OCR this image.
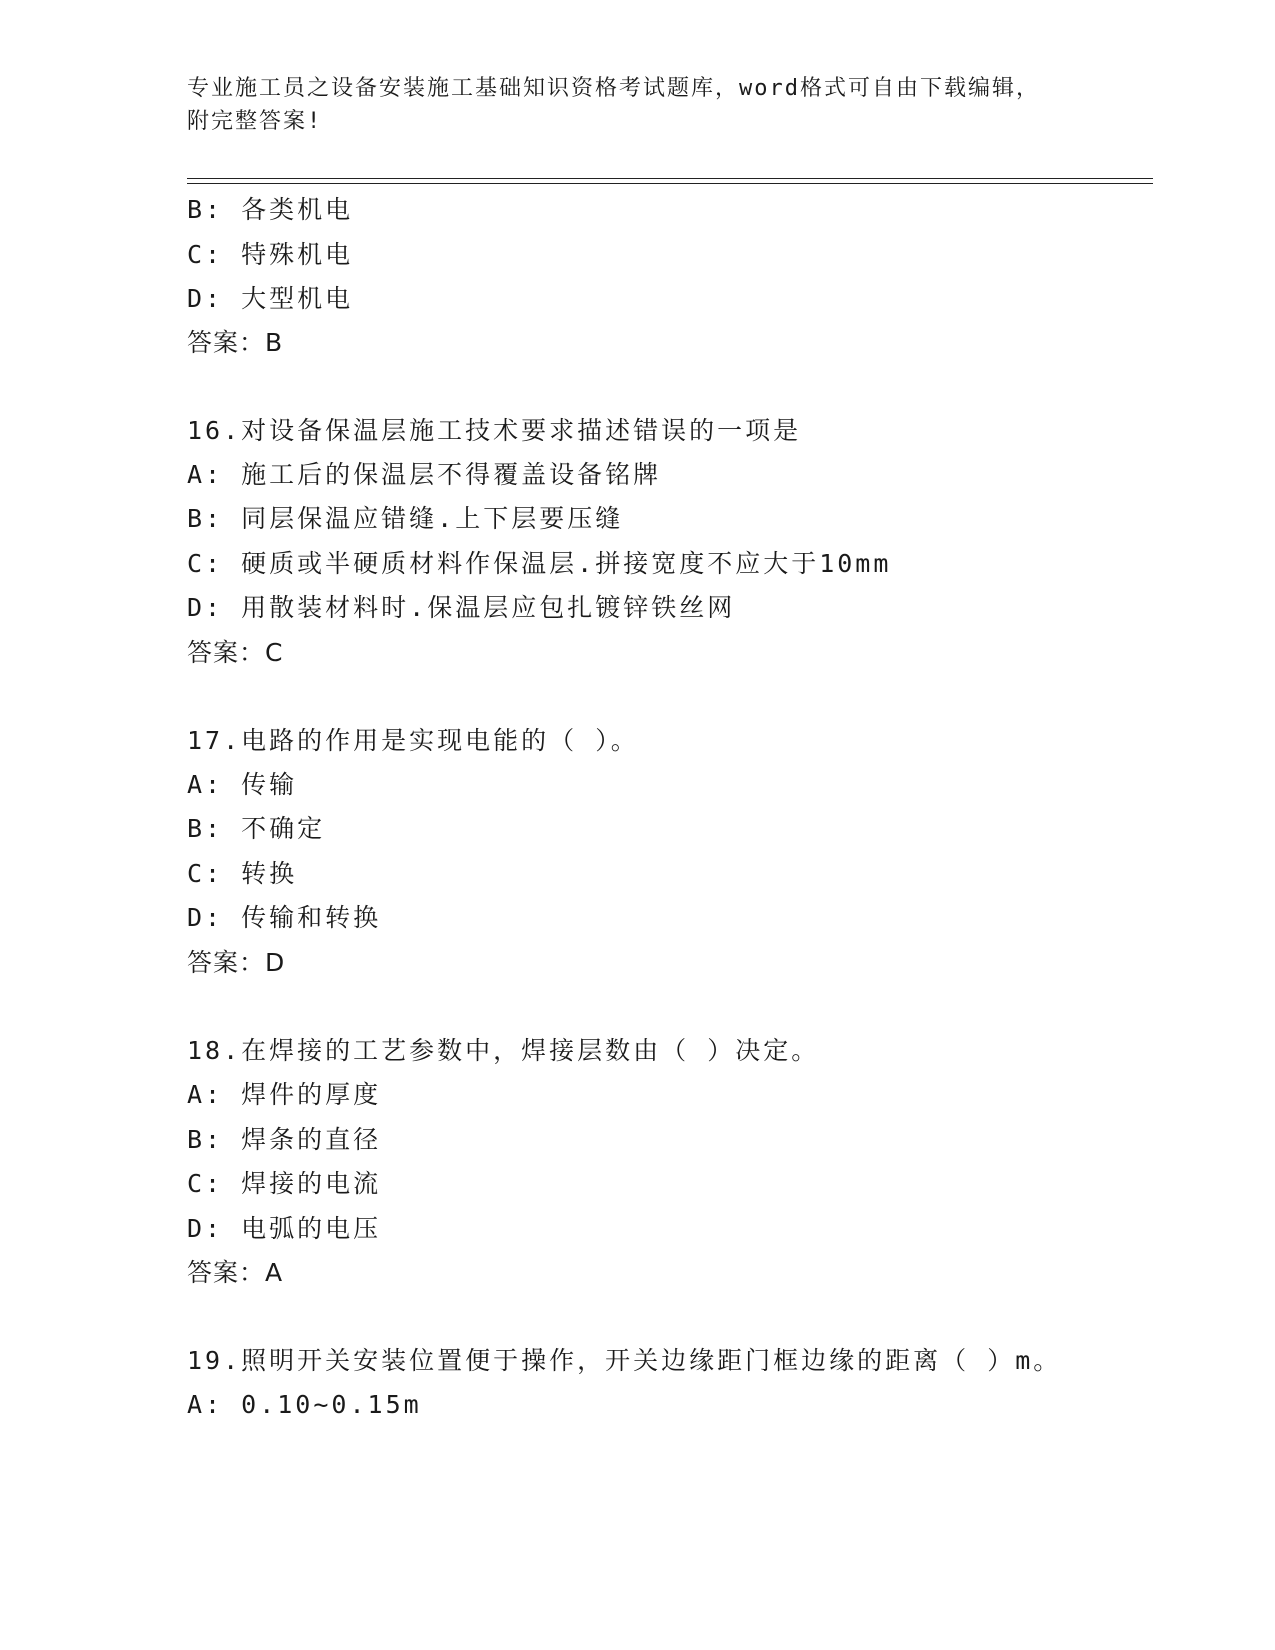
专业施工员之设备安装施工基础知识资格考试题库，word格式可自由下载编辑，
附完整答案!
B: 各类机电
C: 特殊机电
D: 大型机电
答案：B
16.对设备保温层施工技术要求描述错误的一项是
A: 施工后的保温层不得覆盖设备铭牌
B: 同层保温应错缝.上下层要压缝
C: 硬质或半硬质材料作保温层.拼接宽度不应大于10mm
D: 用散装材料时.保温层应包扎镀锌铁丝网
答案：C
17.电路的作用是实现电能的（ ）。
A: 传输
B: 不确定
C: 转换
D: 传输和转换
答案：D
18.在焊接的工艺参数中，焊接层数由（ ）决定。
A: 焊件的厚度
B: 焊条的直径
C: 焊接的电流
D: 电弧的电压
答案：A
19.照明开关安装位置便于操作，开关边缘距门框边缘的距离（ ）m。
A: 0.10~0.15m
